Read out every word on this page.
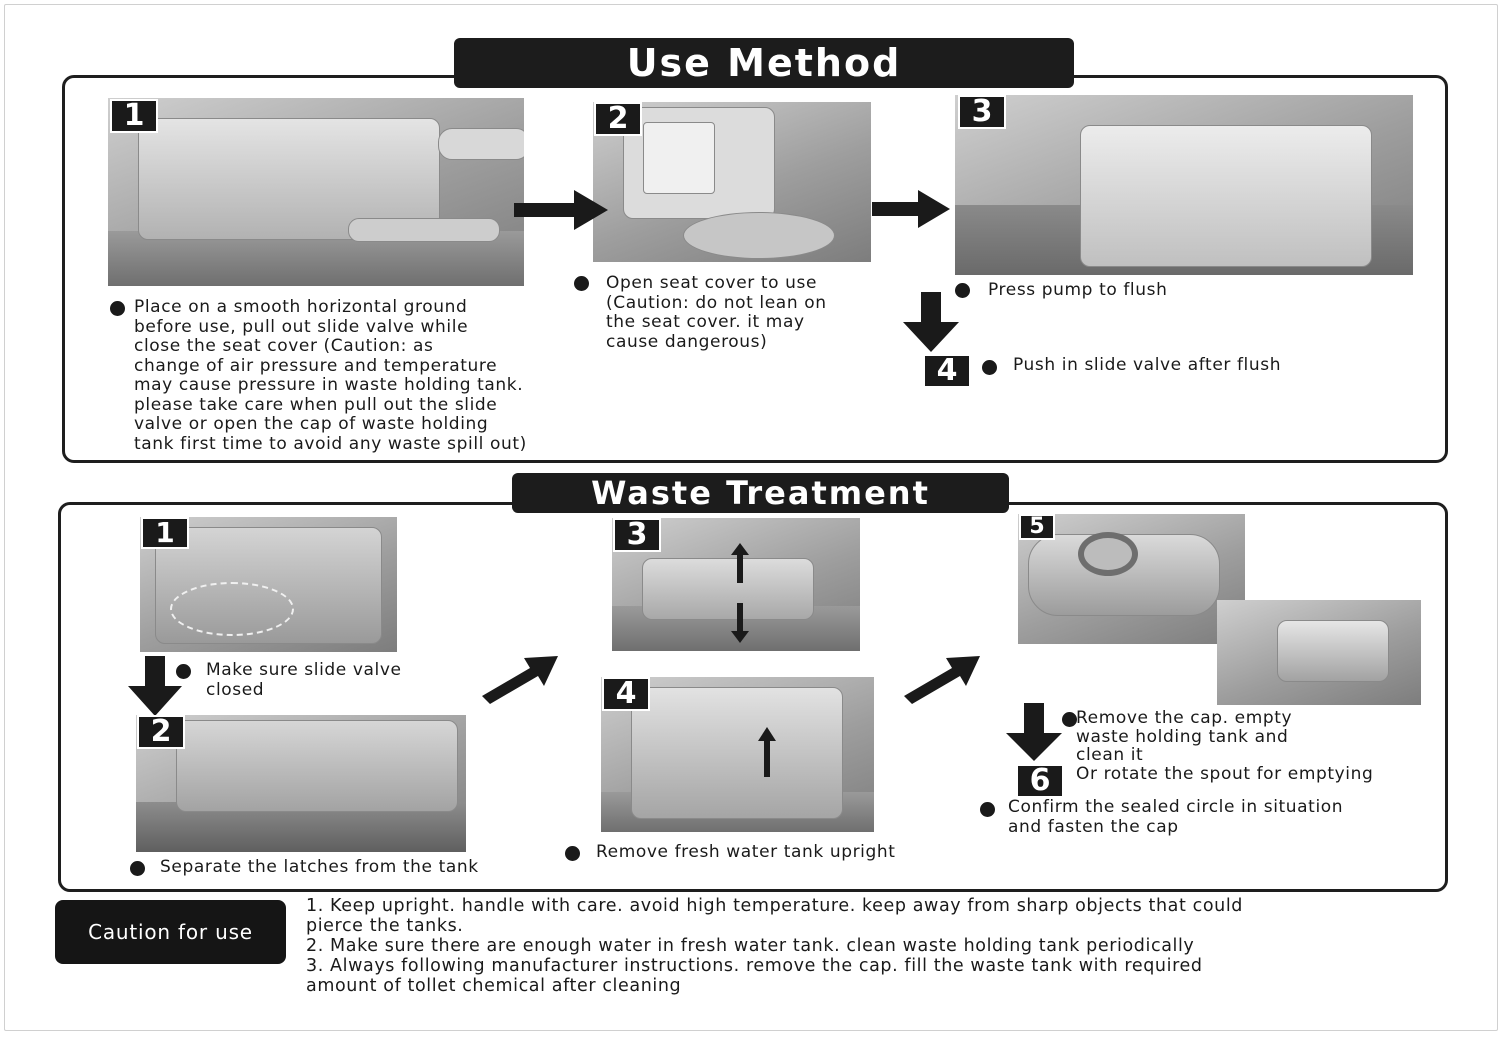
Use Method
1	2	3
Place on a smooth horizontal ground
before use, pull out slide valve while
close the seat cover (Caution: as
change of air pressure and temperature
may cause pressure in waste holding tank.
please take care when pull out the slide
valve or open the cap of waste holding
tank first time to avoid any waste spill out)
Open seat cover to use
(Caution: do not lean on
the seat cover. it may
cause dangerous)
Press pump to flush
4	Push in slide valve after flush
Waste Treatment
1
Make sure slide valve
closed
2
Separate the latches from the tank
3
4
Remove fresh water tank upright
5
Remove the cap. empty
waste holding tank and
clean it
Or rotate the spout for emptying
6
Confirm the sealed circle in situation
and fasten the cap
Caution for use
1. Keep upright. handle with care. avoid high temperature. keep away from sharp objects that could
pierce the tanks.
2. Make sure there are enough water in fresh water tank. clean waste holding tank periodically
3. Always following manufacturer instructions. remove the cap. fill the waste tank with required
amount of tollet chemical after cleaning
